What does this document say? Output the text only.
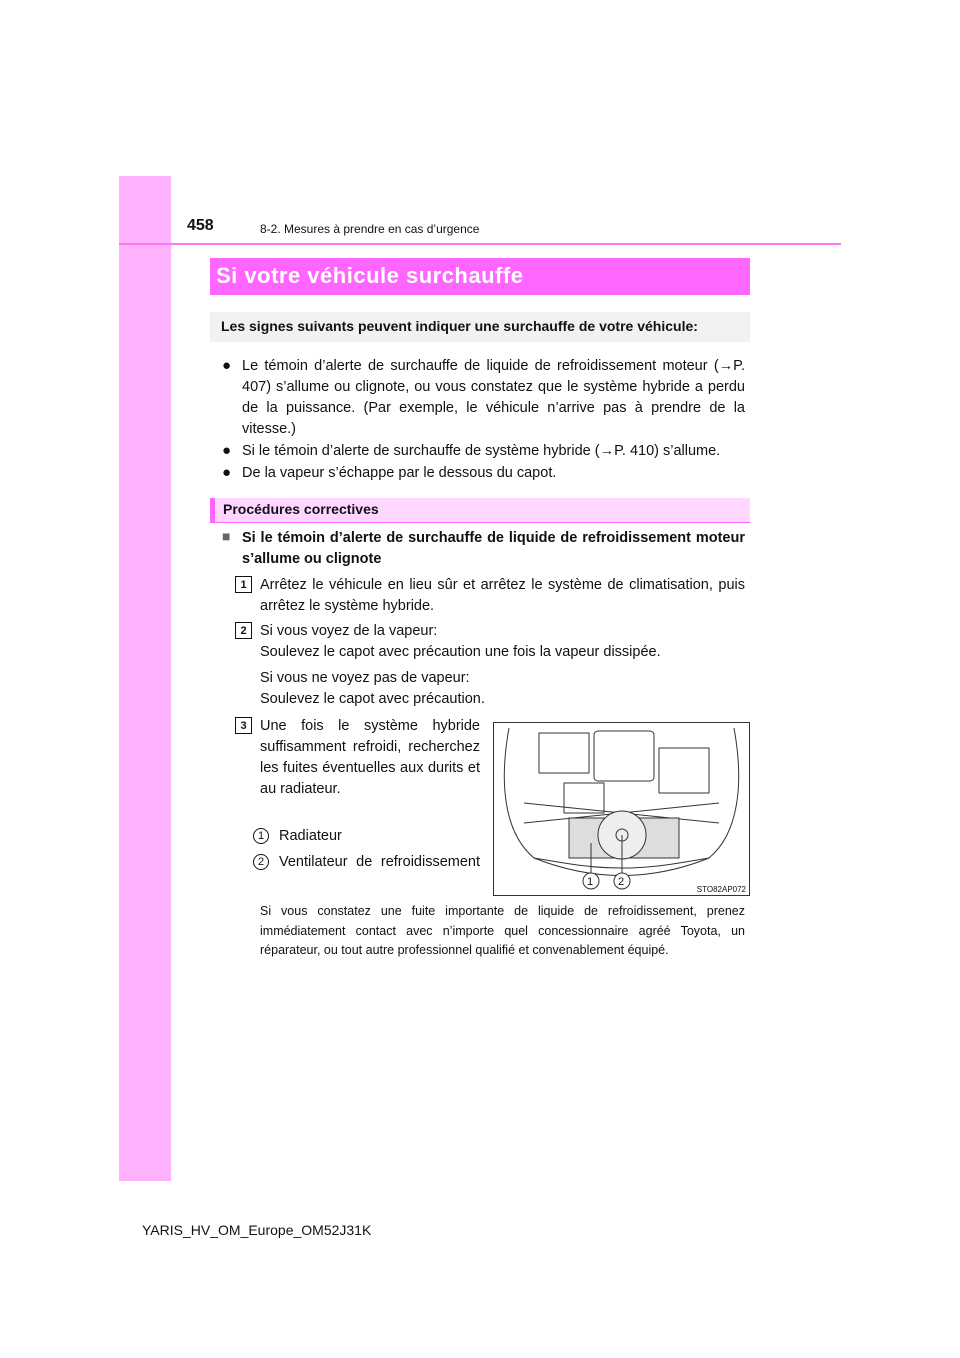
458	8-2. Mesures à prendre en cas d’urgence
Si votre véhicule surchauffe
Les signes suivants peuvent indiquer une surchauffe de votre véhicule:
● Le témoin d’alerte de surchauffe de liquide de refroidissement moteur (→P. 407) s’allume ou clignote, ou vous constatez que le système hybride a perdu de la puissance. (Par exemple, le véhicule n’arrive pas à prendre de la vitesse.)
● Si le témoin d’alerte de surchauffe de système hybride (→P. 410) s’allume.
● De la vapeur s’échappe par le dessous du capot.
Procédures correctives
■ Si le témoin d’alerte de surchauffe de liquide de refroidissement moteur s’allume ou clignote
1 Arrêtez le véhicule en lieu sûr et arrêtez le système de climatisation, puis arrêtez le système hybride.
2 Si vous voyez de la vapeur:
Soulevez le capot avec précaution une fois la vapeur dissipée.
Si vous ne voyez pas de vapeur:
Soulevez le capot avec précaution.
3 Une fois le système hybride suffisamment refroidi, recherchez les fuites éventuelles aux durits et au radiateur.
1	Radiateur
2	Ventilateur de refroidissement
1 2
STO82AP072
Si vous constatez une fuite importante de liquide de refroidissement, prenez immédiatement contact avec n’importe quel concessionnaire agréé Toyota, un réparateur, ou tout autre professionnel qualifié et convenablement équipé.
YARIS_HV_OM_Europe_OM52J31K
